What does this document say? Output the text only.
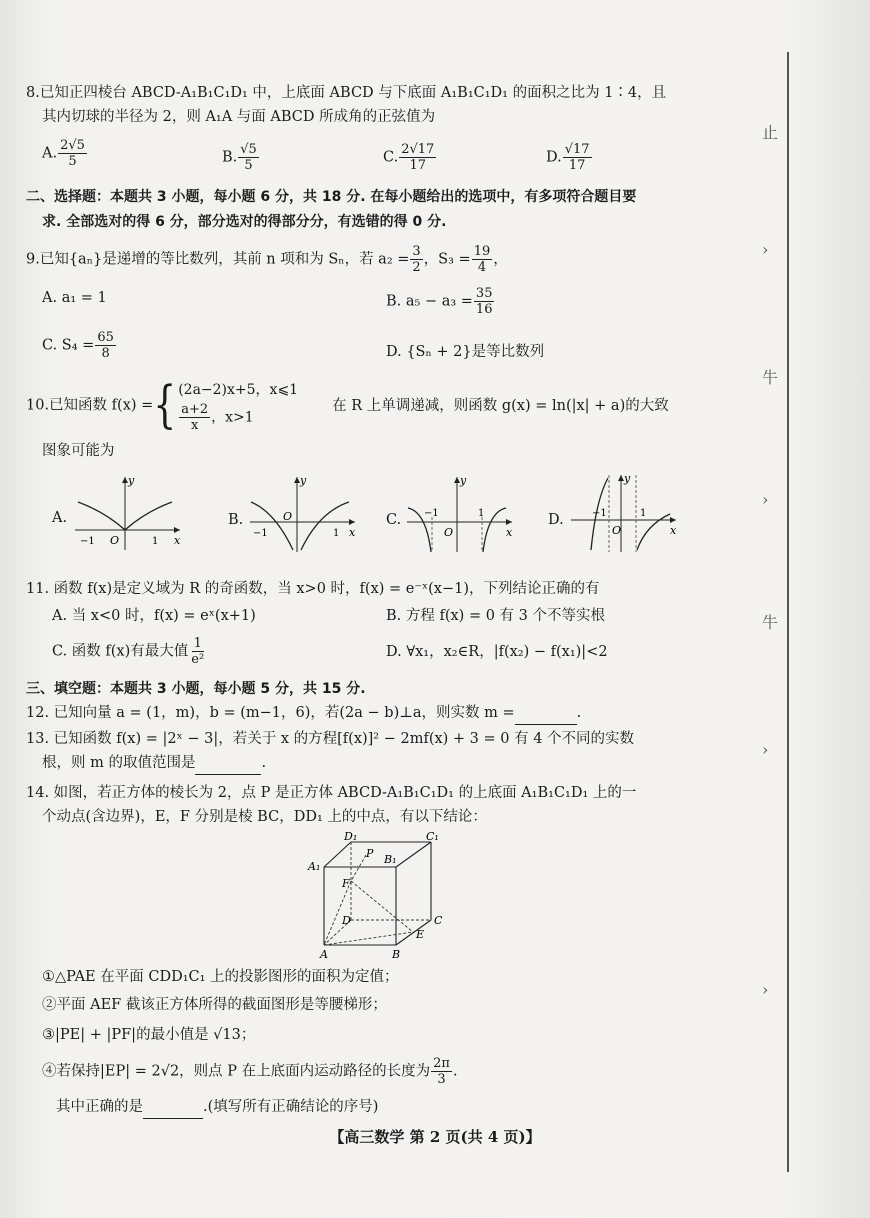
止
›
›
牛
›
›
牛
8.已知正四棱台 ABCD-A₁B₁C₁D₁ 中，上底面 ABCD 与下底面 A₁B₁C₁D₁ 的面积之比为 1∶4，且
其内切球的半径为 2，则 A₁A 与面 ABCD 所成角的正弦值为
A. $\frac{2√5}{5}$	B. $\frac{√5}{5}$	C. $\frac{2√17}{17}$	D. $\frac{√17}{17}$
二、选择题：本题共 3 小题，每小题 6 分，共 18 分. 在每小题给出的选项中，有多项符合题目要
求. 全部选对的得 6 分，部分选对的得部分分，有选错的得 0 分.
9.已知{aₙ}是递增的等比数列，其前 n 项和为 Sₙ，若 $a_2 = \frac{3}{2}$ ，$S_3 = \frac{19}{4}$ ，
A. a₁ = 1	B. $a_5 - a_3 = \frac{35}{16}$
C. $S_4 = \frac{65}{8}$	D. {Sₙ + 2}是等比数列
10.已知函数 f(x) ={ (2a−2)x+5，x⩽1
$\frac{a+2}{x}$ ，x>1
在 R 上单调递减，则函数 g(x) = ln(|x| + a)的大致
图象可能为
A.
y
x
O
−1	1
B.
y
x
O
−1	1
C.
y
x
O
−1	1	D.
y
x
O
−1	1
11. 函数 f(x)是定义域为 R 的奇函数，当 x>0 时，f(x) = e⁻ˣ(x−1)，下列结论正确的有
A. 当 x<0 时，f(x) = eˣ(x+1)	B. 方程 f(x) = 0 有 3 个不等实根
C. 函数 f(x)有最大值 $\frac{1}{\text{e²}}$	D. ∀x₁，x₂∈R，|f(x₂) − f(x₁)|<2
三、填空题：本题共 3 小题，每小题 5 分，共 15 分.
12. 已知向量 a = (1，m)，b = (m−1，6)，若(2a − b)⊥a，则实数 m =	.
13. 已知函数 f(x) = |2ˣ − 3|，若关于 x 的方程[f(x)]² − 2mf(x) + 3 = 0 有 4 个不同的实数
根，则 m 的取值范围是	.
14. 如图，若正方体的棱长为 2，点 P 是正方体 ABCD-A₁B₁C₁D₁ 的上底面 A₁B₁C₁D₁ 上的一
个动点(含边界)，E，F 分别是棱 BC，DD₁ 上的中点，有以下结论：
A	B
C
D
A₁
B₁
C₁
D₁
P
E
F
①△PAE 在平面 CDD₁C₁ 上的投影图形的面积为定值；
②平面 AEF 截该正方体所得的截面图形是等腰梯形；
③|PE| + |PF|的最小值是 √13；
④若保持|EP| = 2√2，则点 P 在上底面内运动路径的长度为 $\frac{2\pi}{3}$ .
其中正确的是	.(填写所有正确结论的序号)
【高三数学 第 2 页(共 4 页)】
